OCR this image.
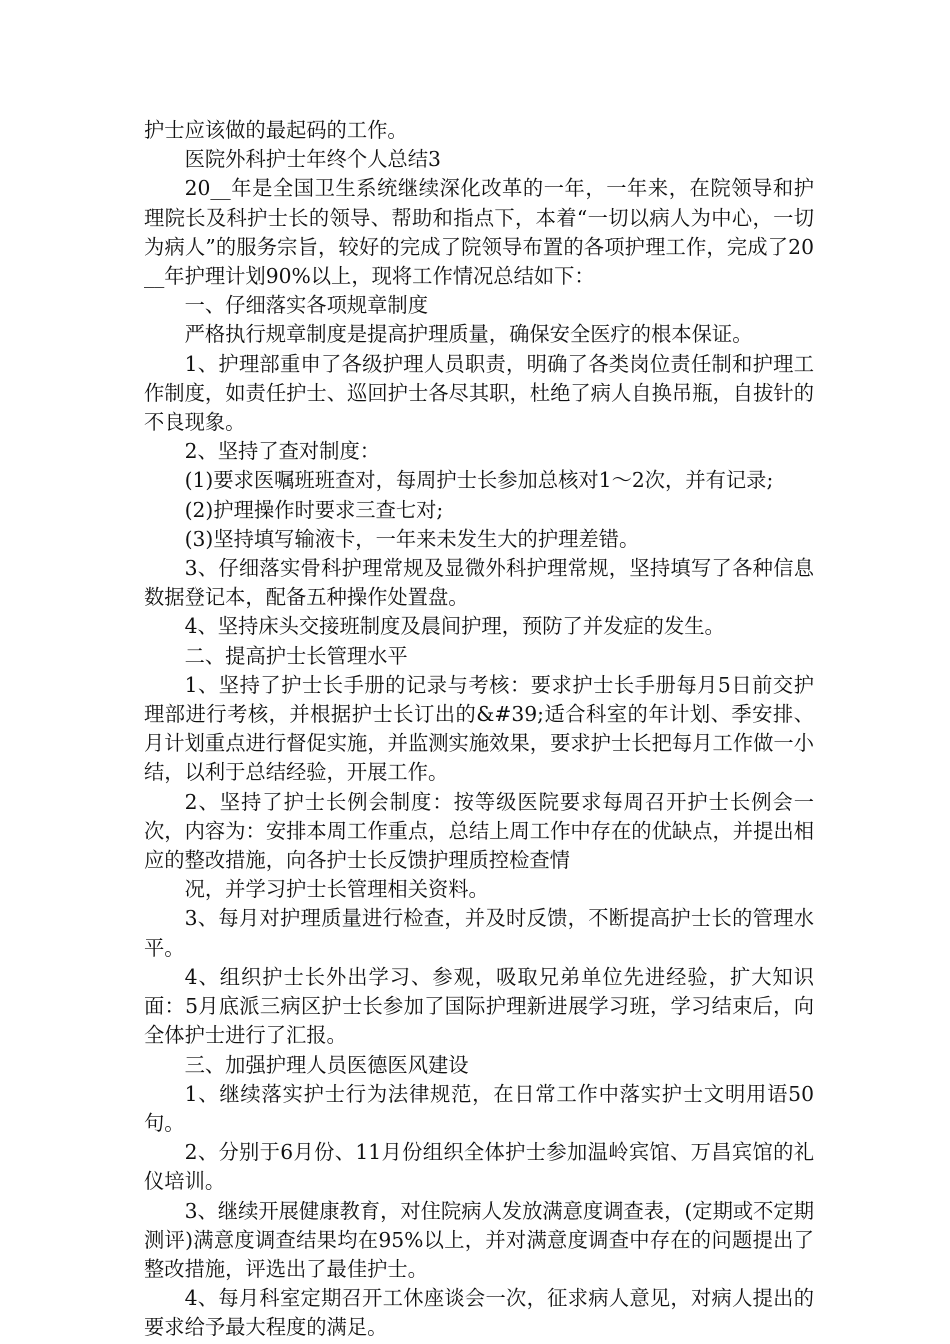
护士应该做的最起码的工作。

医院外科护士年终个人总结3

20__年是全国卫生系统继续深化改革的一年，一年来，在院领导和护理院长及科护士长的领导、帮助和指点下，本着“一切以病人为中心，一切为病人”的服务宗旨，较好的完成了院领导布置的各项护理工作，完成了20__年护理计划90%以上，现将工作情况总结如下：

一、仔细落实各项规章制度

严格执行规章制度是提高护理质量，确保安全医疗的根本保证。

1、护理部重申了各级护理人员职责，明确了各类岗位责任制和护理工作制度，如责任护士、巡回护士各尽其职，杜绝了病人自换吊瓶，自拔针的不良现象。

2、坚持了查对制度：

(1)要求医嘱班班查对，每周护士长参加总核对1～2次，并有记录;

(2)护理操作时要求三查七对;

(3)坚持填写输液卡，一年来未发生大的护理差错。

3、仔细落实骨科护理常规及显微外科护理常规，坚持填写了各种信息数据登记本，配备五种操作处置盘。

4、坚持床头交接班制度及晨间护理，预防了并发症的发生。

二、提高护士长管理水平

1、坚持了护士长手册的记录与考核：要求护士长手册每月5日前交护理部进行考核，并根据护士长订出的&#39;适合科室的年计划、季安排、月计划重点进行督促实施，并监测实施效果，要求护士长把每月工作做一小结，以利于总结经验，开展工作。

2、坚持了护士长例会制度：按等级医院要求每周召开护士长例会一次，内容为：安排本周工作重点，总结上周工作中存在的优缺点，并提出相应的整改措施，向各护士长反馈护理质控检查情

况，并学习护士长管理相关资料。

3、每月对护理质量进行检查，并及时反馈，不断提高护士长的管理水平。

4、组织护士长外出学习、参观，吸取兄弟单位先进经验，扩大知识面：5月底派三病区护士长参加了国际护理新进展学习班，学习结束后，向全体护士进行了汇报。

三、加强护理人员医德医风建设

1、继续落实护士行为法律规范，在日常工作中落实护士文明用语50句。

2、分别于6月份、11月份组织全体护士参加温岭宾馆、万昌宾馆的礼仪培训。

3、继续开展健康教育，对住院病人发放满意度调查表，(定期或不定期测评)满意度调查结果均在95%以上，并对满意度调查中存在的问题提出了整改措施，评选出了最佳护士。

4、每月科室定期召开工休座谈会一次，征求病人意见，对病人提出的要求给予最大程度的满足。
